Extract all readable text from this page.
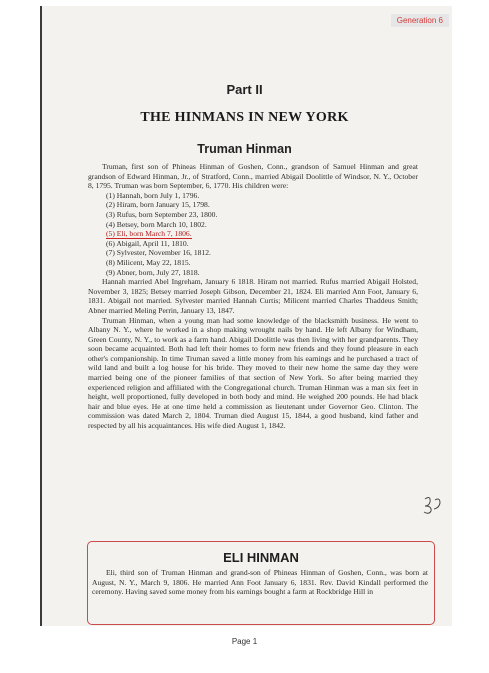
Generation 6
Part II
THE HINMANS IN NEW YORK
Truman Hinman

Truman, first son of Phineas Hinman of Goshen, Conn., grandson of Samuel Hinman and great grandson of Edward Hinman, Jr., of Stratford, Conn., married Abigail Doolittle of Windsor, N. Y., October 8, 1795. Truman was born September, 6, 1770. His children were:

(1) Hannah, born July 1, 1796.
(2) Hiram, born January 15, 1798.
(3) Rufus, born September 23, 1800.
(4) Betsey, born March 10, 1802.
(5) Eli, born March 7, 1806.
(6) Abigail, April 11, 1810.
(7) Sylvester, November 16, 1812.
(8) Milicent, May 22, 1815.
(9) Abner, born, July 27, 1818.

Hannah married Abel Ingreham, January 6 1818. Hiram not married. Rufus married Abigail Holsted, November 3, 1825; Betsey married Joseph Gibson, December 21, 1824. Eli married Ann Foot, January 6, 1831. Abigail not married. Sylvester married Hannah Curtis; Milicent married Charles Thaddeus Smith; Abner married Meling Perrin, January 13, 1847.

Truman Hinman, when a young man had some knowledge of the blacksmith business. He went to Albany N. Y., where he worked in a shop making wrought nails by hand. He left Albany for Windham, Green County, N. Y., to work as a farm hand. Abigail Doolittle was then living with her grandparents. They soon became acquainted. Both had left their homes to form new friends and they found pleasure in each other's companionship. In time Truman saved a little money from his earnings and he purchased a tract of wild land and built a log house for his bride. They moved to their new home the same day they were married being one of the pioneer families of that section of New York. So after being married they experienced religion and affiliated with the Congregational church. Truman Hinman was a man six feet in height, well proportioned, fully developed in both body and mind. He weighed 200 pounds. He had black hair and blue eyes. He at one time held a commission as lieutenant under Governor Geo. Clinton. The commission was dated March 2, 1804. Truman died August 15, 1844, a good husband, kind father and respected by all his acquaintances. His wife died August 1, 1842.

ELI HINMAN
Eli, third son of Truman Hinman and grand-son of Phineas Hinman of Goshen, Conn., was born at August, N. Y., March 9, 1806. He married Ann Foot January 6, 1831. Rev. David Kindall performed the ceremony. Having saved some money from his earnings bought a farm at Rockbridge Hill in
Page 1
